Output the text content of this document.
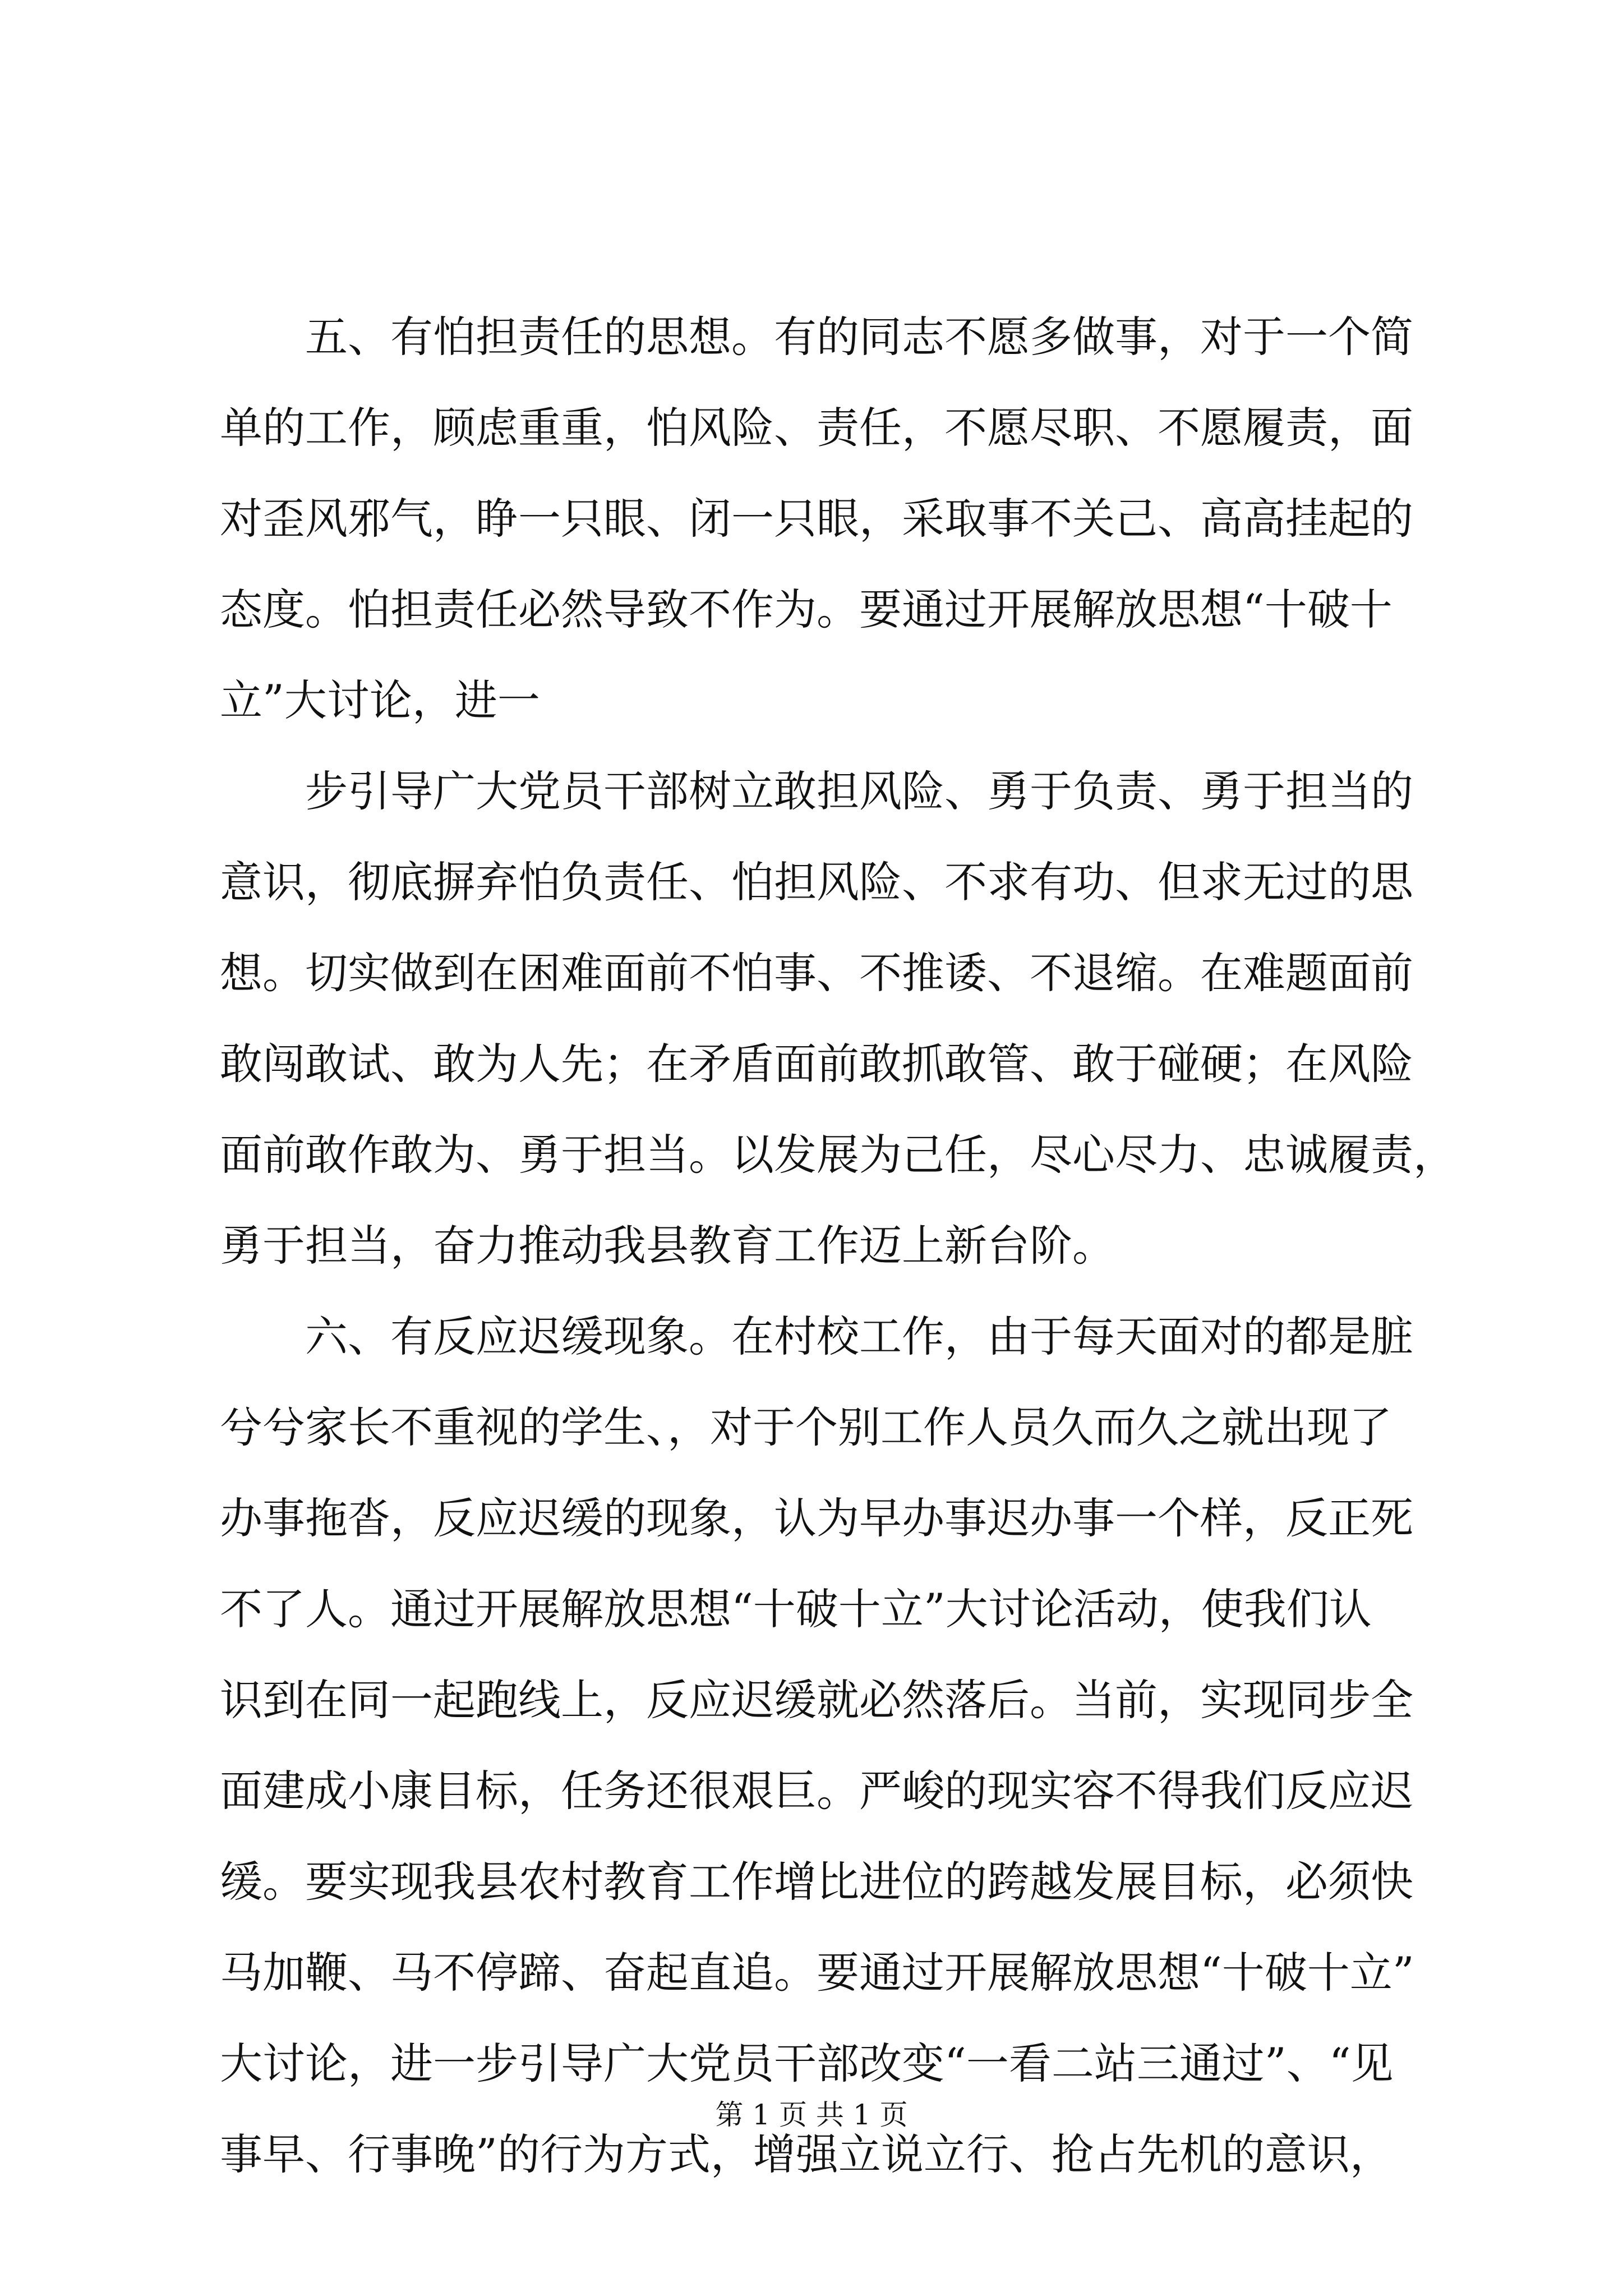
五、有怕担责任的思想。有的同志不愿多做事，对于一个简
单的工作，顾虑重重，怕风险、责任，不愿尽职、不愿履责，面
对歪风邪气，睁一只眼、闭一只眼，采取事不关己、高高挂起的
态度。怕担责任必然导致不作为。要通过开展解放思想“十破十
立”大讨论，进一
步引导广大党员干部树立敢担风险、勇于负责、勇于担当的
意识，彻底摒弃怕负责任、怕担风险、不求有功、但求无过的思
想。切实做到在困难面前不怕事、不推诿、不退缩。在难题面前
敢闯敢试、敢为人先；在矛盾面前敢抓敢管、敢于碰硬；在风险
面前敢作敢为、勇于担当。以发展为己任，尽心尽力、忠诚履责，
勇于担当，奋力推动我县教育工作迈上新台阶。
六、有反应迟缓现象。在村校工作，由于每天面对的都是脏
兮兮家长不重视的学生、，对于个别工作人员久而久之就出现了
办事拖沓，反应迟缓的现象，认为早办事迟办事一个样，反正死
不了人。通过开展解放思想“十破十立”大讨论活动，使我们认
识到在同一起跑线上，反应迟缓就必然落后。当前，实现同步全
面建成小康目标，任务还很艰巨。严峻的现实容不得我们反应迟
缓。要实现我县农村教育工作增比进位的跨越发展目标，必须快
马加鞭、马不停蹄、奋起直追。要通过开展解放思想“十破十立”
大讨论，进一步引导广大党员干部改变“一看二站三通过”、“见
事早、行事晚”的行为方式，增强立说立行、抢占先机的意识，
第 1 页 共 1 页
